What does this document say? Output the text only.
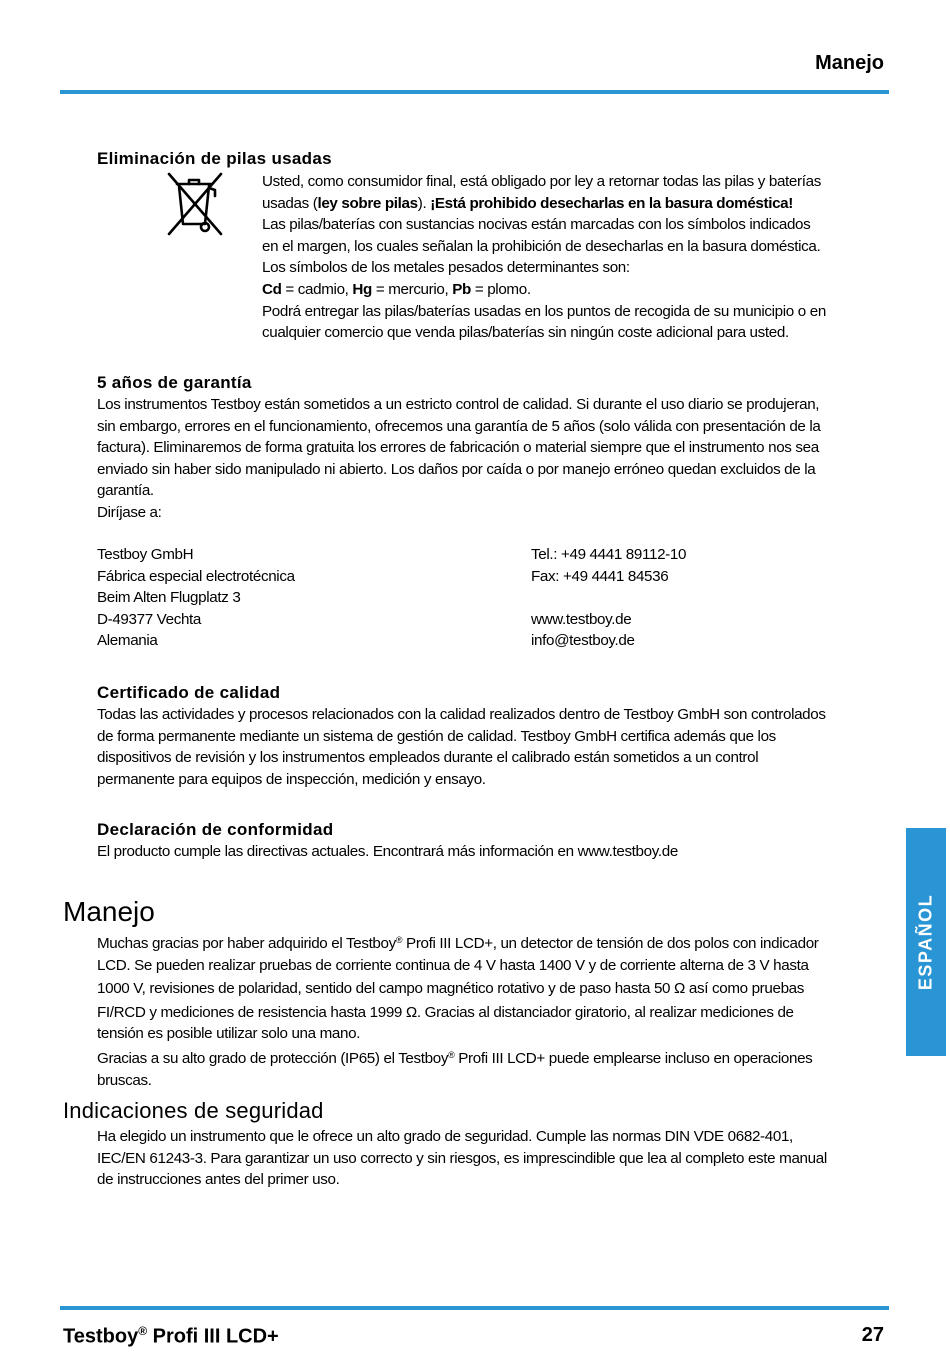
Manejo
Eliminación de pilas usadas
Usted, como consumidor final, está obligado por ley a retornar todas las pilas y baterías
usadas (ley sobre pilas). ¡Está prohibido desecharlas en la basura doméstica!
Las pilas/baterías con sustancias nocivas están marcadas con los símbolos indicados
en el margen, los cuales señalan la prohibición de desecharlas en la basura doméstica.
Los símbolos de los metales pesados determinantes son:
Cd = cadmio, Hg = mercurio, Pb = plomo.
Podrá entregar las pilas/baterías usadas en los puntos de recogida de su municipio o en
cualquier comercio que venda pilas/baterías sin ningún coste adicional para usted.
5 años de garantía
Los instrumentos Testboy están sometidos a un estricto control de calidad. Si durante el uso diario se produjeran,
sin embargo, errores en el funcionamiento, ofrecemos una garantía de 5 años (solo válida con presentación de la
factura). Eliminaremos de forma gratuita los errores de fabricación o material siempre que el instrumento nos sea
enviado sin haber sido manipulado ni abierto. Los daños por caída o por manejo erróneo quedan excluidos de la
garantía.
Diríjase a:
Testboy GmbH
Fábrica especial electrotécnica
Beim Alten Flugplatz 3
D-49377 Vechta
Alemania
Tel.: +49 4441 89112-10
Fax: +49 4441 84536

www.testboy.de
info@testboy.de
Certificado de calidad
Todas las actividades y procesos relacionados con la calidad realizados dentro de Testboy GmbH son controlados
de forma permanente mediante un sistema de gestión de calidad. Testboy GmbH certifica además que los
dispositivos de revisión y los instrumentos empleados durante el calibrado están sometidos a un control
permanente para equipos de inspección, medición y ensayo.
Declaración de conformidad
El producto cumple las directivas actuales. Encontrará más información en www.testboy.de
Manejo
Muchas gracias por haber adquirido el Testboy® Profi III LCD+, un detector de tensión de dos polos con indicador
LCD. Se pueden realizar pruebas de corriente continua de 4 V hasta 1400 V y de corriente alterna de 3 V hasta
1000 V, revisiones de polaridad, sentido del campo magnético rotativo y de paso hasta 50 Ω así como pruebas
FI/RCD y mediciones de resistencia hasta 1999 Ω. Gracias al distanciador giratorio, al realizar mediciones de
tensión es posible utilizar solo una mano.
Gracias a su alto grado de protección (IP65) el Testboy® Profi III LCD+ puede emplearse incluso en operaciones
bruscas.
Indicaciones de seguridad
Ha elegido un instrumento que le ofrece un alto grado de seguridad. Cumple las normas DIN VDE 0682-401,
IEC/EN 61243-3. Para garantizar un uso correcto y sin riesgos, es imprescindible que lea al completo este manual
de instrucciones antes del primer uso.
ESPAÑOL
Testboy® Profi III LCD+	27
